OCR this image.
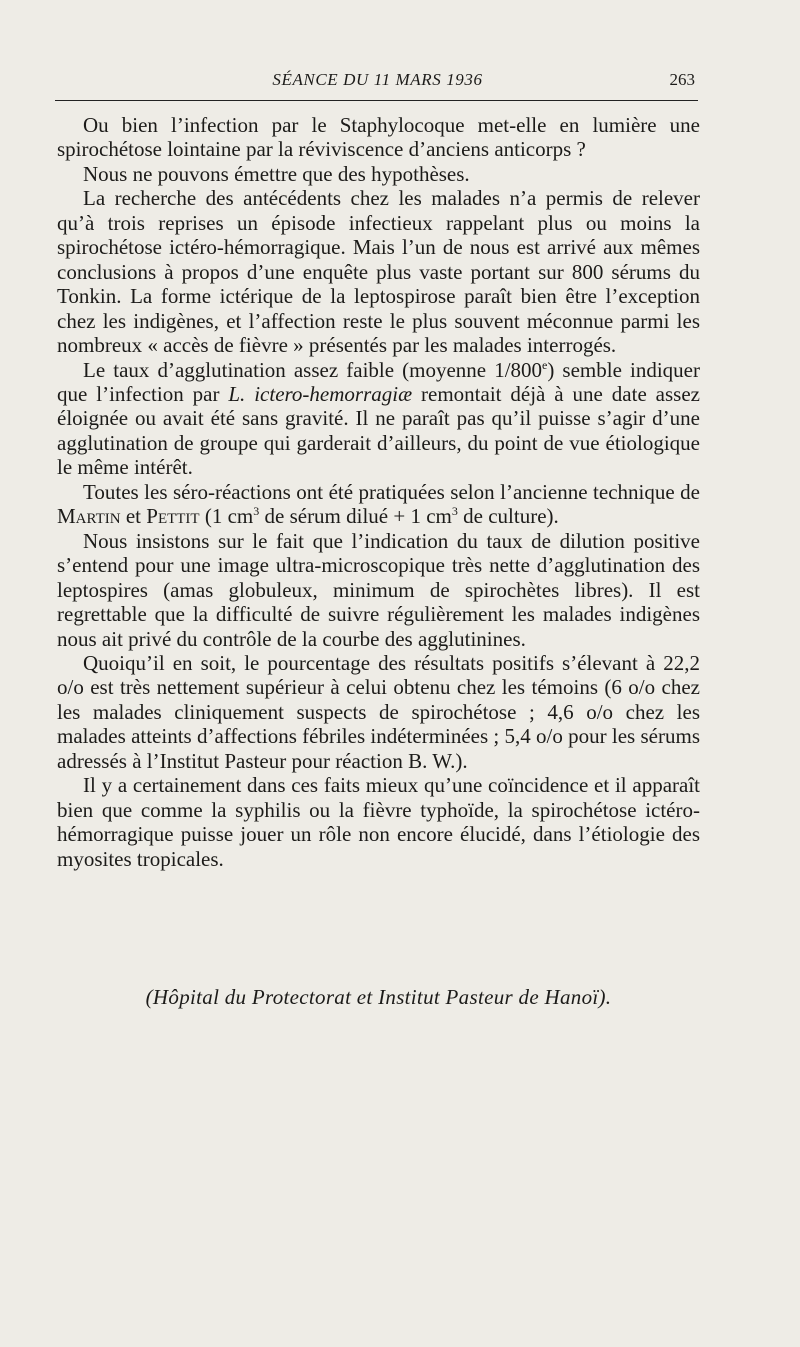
SÉANCE DU 11 MARS 1936	263

Ou bien l’infection par le Staphylocoque met-elle en lumière une spirochétose lointaine par la réviviscence d’anciens anticorps ?

Nous ne pouvons émettre que des hypothèses.

La recherche des antécédents chez les malades n’a permis de relever qu’à trois reprises un épisode infectieux rappelant plus ou moins la spirochétose ictéro-hémorragique. Mais l’un de nous est arrivé aux mêmes conclusions à propos d’une enquête plus vaste portant sur 800 sérums du Tonkin. La forme ictérique de la leptospirose paraît bien être l’exception chez les indigènes, et l’affection reste le plus souvent méconnue parmi les nombreux « accès de fièvre » présentés par les malades interrogés.

Le taux d’agglutination assez faible (moyenne 1/800e) semble indiquer que l’infection par L. ictero-hemorragiæ remontait déjà à une date assez éloignée ou avait été sans gravité. Il ne paraît pas qu’il puisse s’agir d’une agglutination de groupe qui garderait d’ailleurs, du point de vue étiologique le même intérêt.

Toutes les séro-réactions ont été pratiquées selon l’ancienne technique de Martin et Pettit (1 $cm^3$ de sérum dilué + 1 $cm^3$ de culture).

Nous insistons sur le fait que l’indication du taux de dilution positive s’entend pour une image ultra-microscopique très nette d’agglutination des leptospires (amas globuleux, minimum de spirochètes libres). Il est regrettable que la difficulté de suivre régulièrement les malades indigènes nous ait privé du contrôle de la courbe des agglutinines.

Quoiqu’il en soit, le pourcentage des résultats positifs s’élevant à 22,2 o/o est très nettement supérieur à celui obtenu chez les témoins (6 o/o chez les malades cliniquement suspects de spirochétose ; 4,6 o/o chez les malades atteints d’affections fébriles indéterminées ; 5,4 o/o pour les sérums adressés à l’Institut Pasteur pour réaction B. W.).

Il y a certainement dans ces faits mieux qu’une coïncidence et il apparaît bien que comme la syphilis ou la fièvre typhoïde, la spirochétose ictéro-hémorragique puisse jouer un rôle non encore élucidé, dans l’étiologie des myosites tropicales.

(Hôpital du Protectorat et Institut Pasteur de Hanoï).
